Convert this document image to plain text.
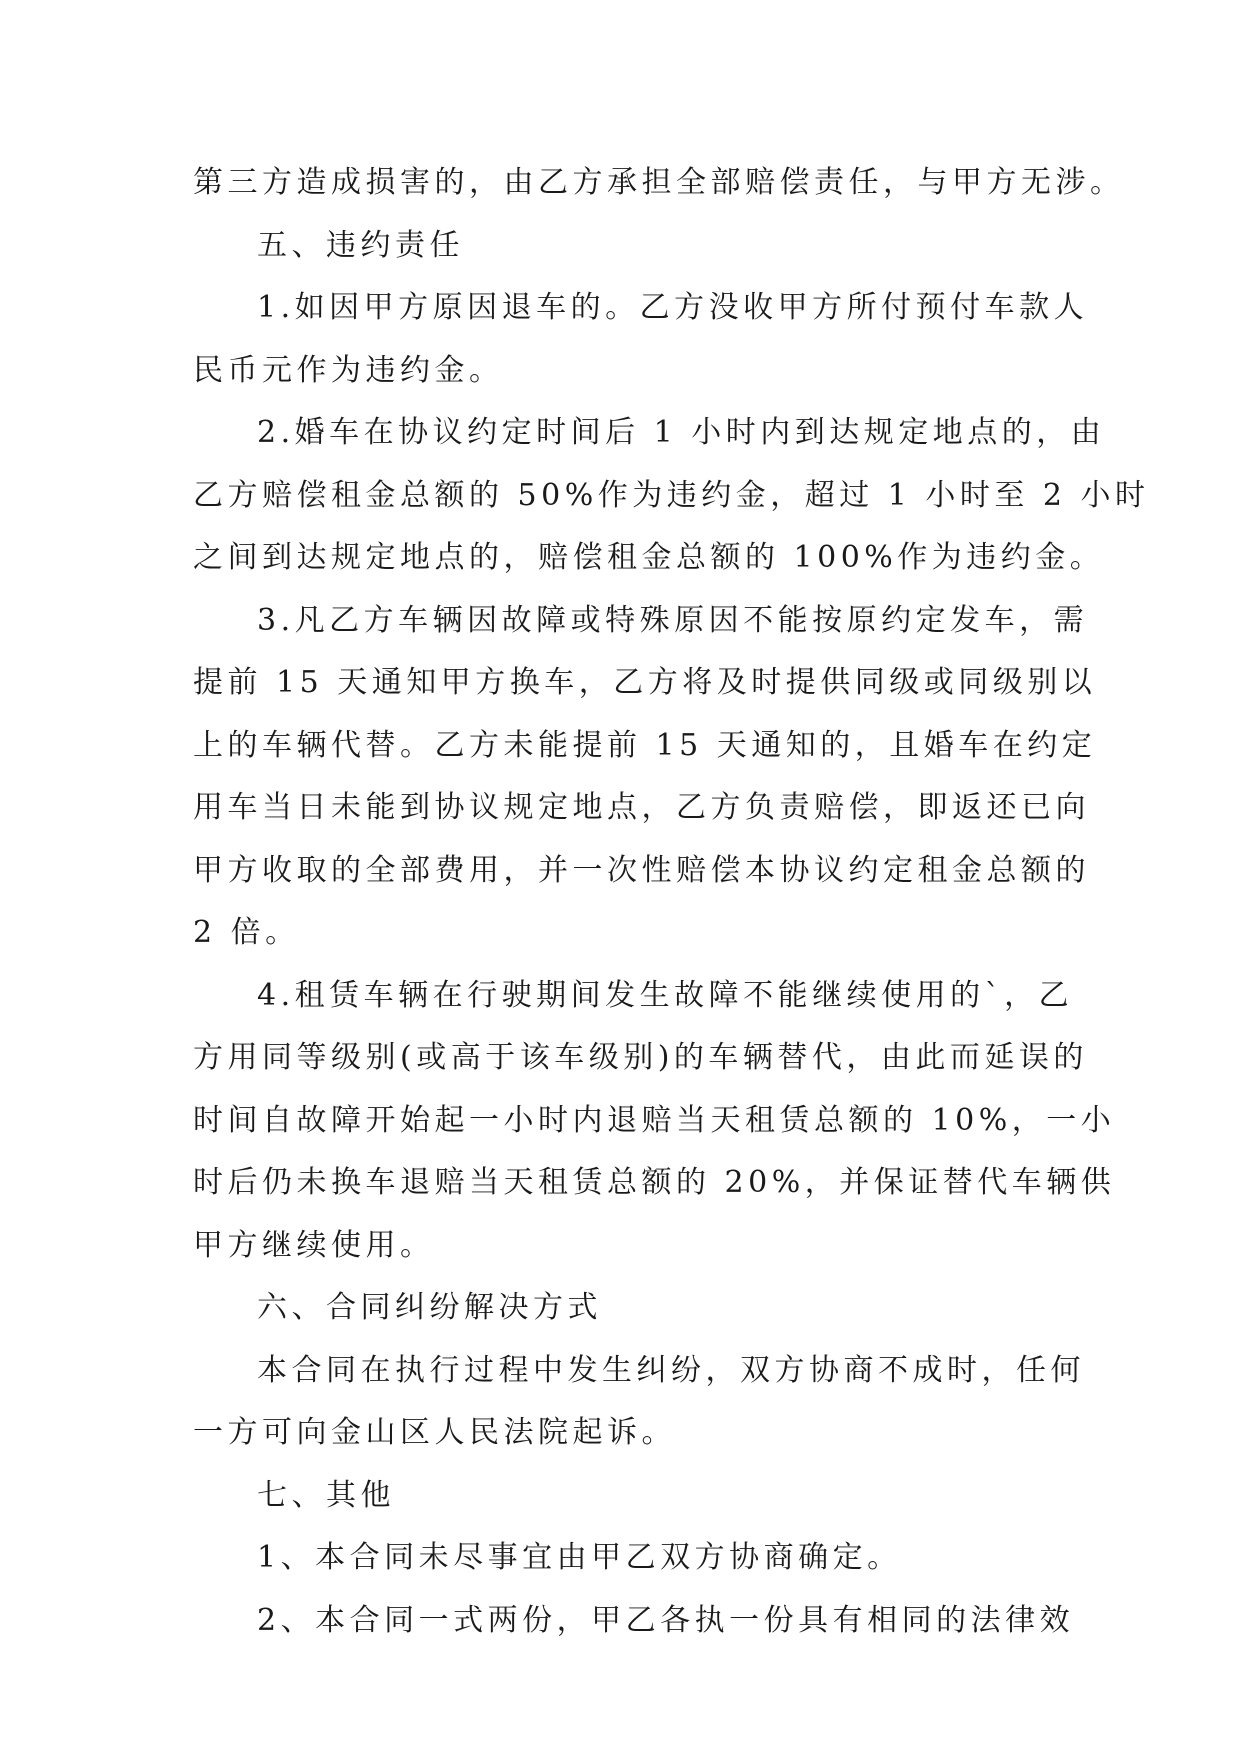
第三方造成损害的，由乙方承担全部赔偿责任，与甲方无涉。
五、违约责任
1.如因甲方原因退车的。乙方没收甲方所付预付车款人
民币元作为违约金。
2.婚车在协议约定时间后 1 小时内到达规定地点的，由
乙方赔偿租金总额的 50%作为违约金，超过 1 小时至 2 小时
之间到达规定地点的，赔偿租金总额的 100%作为违约金。
3.凡乙方车辆因故障或特殊原因不能按原约定发车，需
提前 15 天通知甲方换车，乙方将及时提供同级或同级别以
上的车辆代替。乙方未能提前 15 天通知的，且婚车在约定
用车当日未能到协议规定地点，乙方负责赔偿，即返还已向
甲方收取的全部费用，并一次性赔偿本协议约定租金总额的
2 倍。
4.租赁车辆在行驶期间发生故障不能继续使用的`，乙
方用同等级别(或高于该车级别)的车辆替代，由此而延误的
时间自故障开始起一小时内退赔当天租赁总额的 10%，一小
时后仍未换车退赔当天租赁总额的 20%，并保证替代车辆供
甲方继续使用。
六、合同纠纷解决方式
本合同在执行过程中发生纠纷，双方协商不成时，任何
一方可向金山区人民法院起诉。
七、其他
1、本合同未尽事宜由甲乙双方协商确定。
2、本合同一式两份，甲乙各执一份具有相同的法律效
